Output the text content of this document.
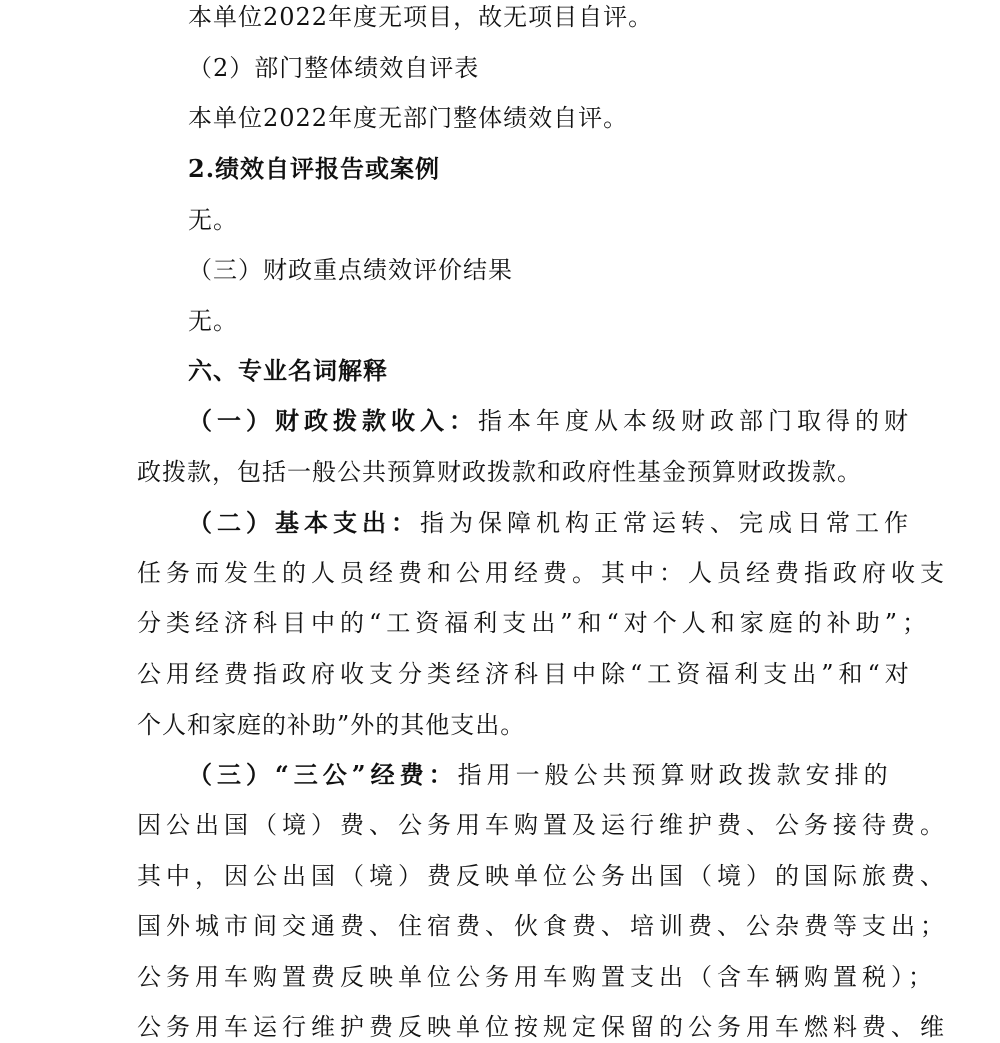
本单位2022年度无项目，故无项目自评。
（2）部门整体绩效自评表
本单位2022年度无部门整体绩效自评。
2.绩效自评报告或案例
无。
（三）财政重点绩效评价结果
无。
六、专业名词解释
（一）财政拨款收入：指本年度从本级财政部门取得的财
政拨款，包括一般公共预算财政拨款和政府性基金预算财政拨款。
（二）基本支出：指为保障机构正常运转、完成日常工作
任务而发生的人员经费和公用经费。其中：人员经费指政府收支
分类经济科目中的“工资福利支出”和“对个人和家庭的补助”；
公用经费指政府收支分类经济科目中除“工资福利支出”和“对
个人和家庭的补助”外的其他支出。
（三）“三公”经费：指用一般公共预算财政拨款安排的
因公出国（境）费、公务用车购置及运行维护费、公务接待费。
其中，因公出国（境）费反映单位公务出国（境）的国际旅费、
国外城市间交通费、住宿费、伙食费、培训费、公杂费等支出；
公务用车购置费反映单位公务用车购置支出（含车辆购置税）；
公务用车运行维护费反映单位按规定保留的公务用车燃料费、维
